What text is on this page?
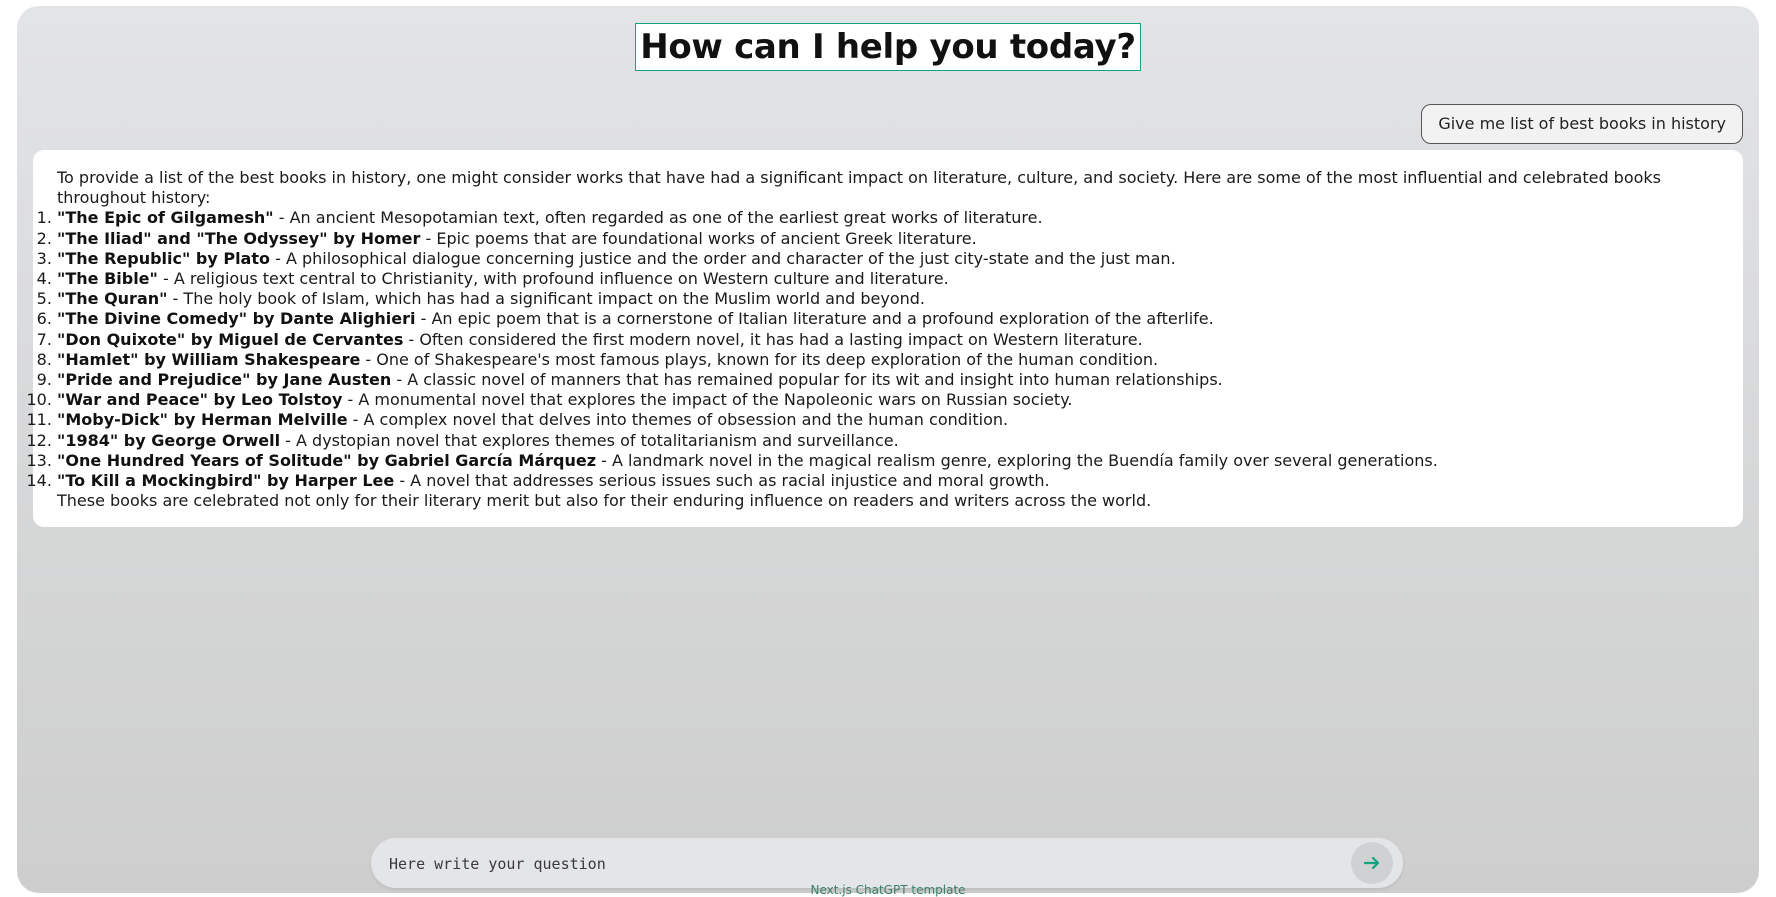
How can I help you today?
Give me list of best books in history

To provide a list of the best books in history, one might consider works that have had a significant impact on literature, culture, and society. Here are some of the most influential and celebrated books throughout history:

1. "The Epic of Gilgamesh" - An ancient Mesopotamian text, often regarded as one of the earliest great works of literature.
2. "The Iliad" and "The Odyssey" by Homer - Epic poems that are foundational works of ancient Greek literature.
3. "The Republic" by Plato - A philosophical dialogue concerning justice and the order and character of the just city-state and the just man.
4. "The Bible" - A religious text central to Christianity, with profound influence on Western culture and literature.
5. "The Quran" - The holy book of Islam, which has had a significant impact on the Muslim world and beyond.
6. "The Divine Comedy" by Dante Alighieri - An epic poem that is a cornerstone of Italian literature and a profound exploration of the afterlife.
7. "Don Quixote" by Miguel de Cervantes - Often considered the first modern novel, it has had a lasting impact on Western literature.
8. "Hamlet" by William Shakespeare - One of Shakespeare's most famous plays, known for its deep exploration of the human condition.
9. "Pride and Prejudice" by Jane Austen - A classic novel of manners that has remained popular for its wit and insight into human relationships.
10. "War and Peace" by Leo Tolstoy - A monumental novel that explores the impact of the Napoleonic wars on Russian society.
11. "Moby-Dick" by Herman Melville - A complex novel that delves into themes of obsession and the human condition.
12. "1984" by George Orwell - A dystopian novel that explores themes of totalitarianism and surveillance.
13. "One Hundred Years of Solitude" by Gabriel García Márquez - A landmark novel in the magical realism genre, exploring the Buendía family over several generations.
14. "To Kill a Mockingbird" by Harper Lee - A novel that addresses serious issues such as racial injustice and moral growth.

These books are celebrated not only for their literary merit but also for their enduring influence on readers and writers across the world.

Here write your question
Next.js ChatGPT template
